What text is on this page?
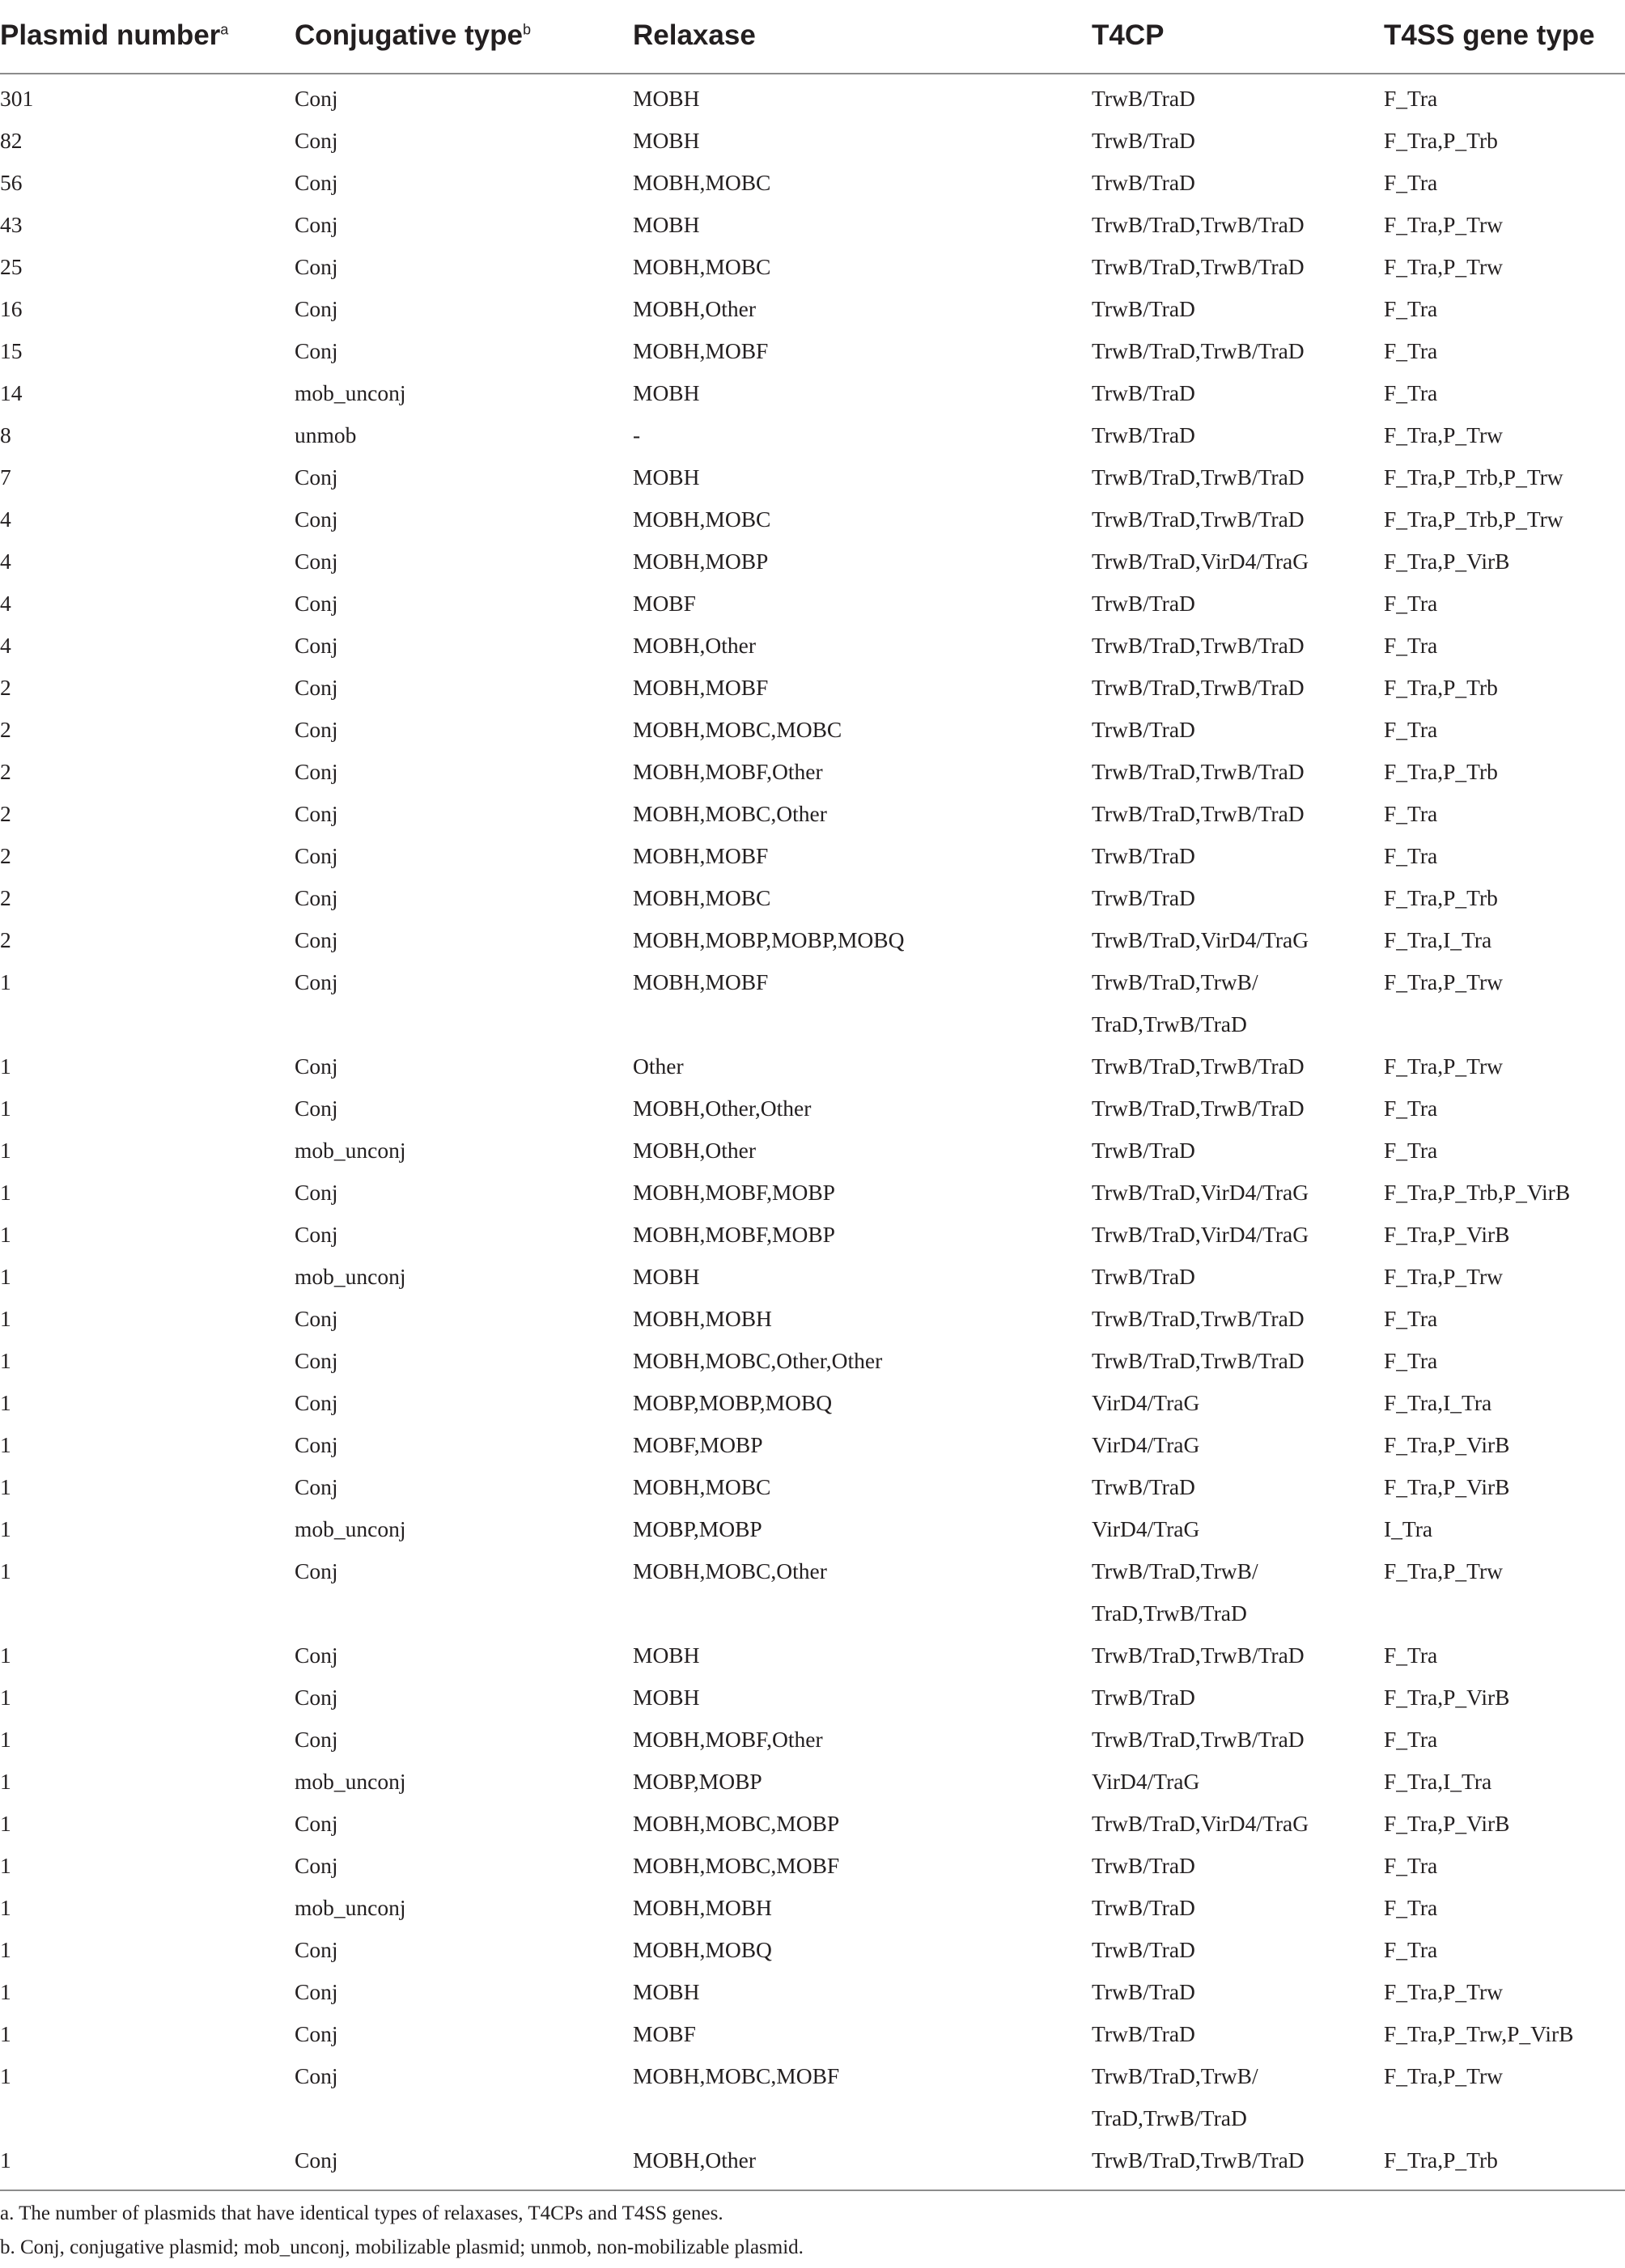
Plasmid number$^a$	Conjugative type$^b$	Relaxase	T4CP	T4SS gene type
301	Conj	MOBH	TrwB/TraD	F_Tra
82	Conj	MOBH	TrwB/TraD	F_Tra,P_Trb
56	Conj	MOBH,MOBC	TrwB/TraD	F_Tra
43	Conj	MOBH	TrwB/TraD,TrwB/TraD	F_Tra,P_Trw
25	Conj	MOBH,MOBC	TrwB/TraD,TrwB/TraD	F_Tra,P_Trw
16	Conj	MOBH,Other	TrwB/TraD	F_Tra
15	Conj	MOBH,MOBF	TrwB/TraD,TrwB/TraD	F_Tra
14	mob_unconj	MOBH	TrwB/TraD	F_Tra
8	unmob	-	TrwB/TraD	F_Tra,P_Trw
7	Conj	MOBH	TrwB/TraD,TrwB/TraD	F_Tra,P_Trb,P_Trw
4	Conj	MOBH,MOBC	TrwB/TraD,TrwB/TraD	F_Tra,P_Trb,P_Trw
4	Conj	MOBH,MOBP	TrwB/TraD,VirD4/TraG	F_Tra,P_VirB
4	Conj	MOBF	TrwB/TraD	F_Tra
4	Conj	MOBH,Other	TrwB/TraD,TrwB/TraD	F_Tra
2	Conj	MOBH,MOBF	TrwB/TraD,TrwB/TraD	F_Tra,P_Trb
2	Conj	MOBH,MOBC,MOBC	TrwB/TraD	F_Tra
2	Conj	MOBH,MOBF,Other	TrwB/TraD,TrwB/TraD	F_Tra,P_Trb
2	Conj	MOBH,MOBC,Other	TrwB/TraD,TrwB/TraD	F_Tra
2	Conj	MOBH,MOBF	TrwB/TraD	F_Tra
2	Conj	MOBH,MOBC	TrwB/TraD	F_Tra,P_Trb
2	Conj	MOBH,MOBP,MOBP,MOBQ	TrwB/TraD,VirD4/TraG	F_Tra,I_Tra
1	Conj	MOBH,MOBF	TrwB/TraD,TrwB/ TraD,TrwB/TraD	F_Tra,P_Trw
1	Conj	Other	TrwB/TraD,TrwB/TraD	F_Tra,P_Trw
1	Conj	MOBH,Other,Other	TrwB/TraD,TrwB/TraD	F_Tra
1	mob_unconj	MOBH,Other	TrwB/TraD	F_Tra
1	Conj	MOBH,MOBF,MOBP	TrwB/TraD,VirD4/TraG	F_Tra,P_Trb,P_VirB
1	Conj	MOBH,MOBF,MOBP	TrwB/TraD,VirD4/TraG	F_Tra,P_VirB
1	mob_unconj	MOBH	TrwB/TraD	F_Tra,P_Trw
1	Conj	MOBH,MOBH	TrwB/TraD,TrwB/TraD	F_Tra
1	Conj	MOBH,MOBC,Other,Other	TrwB/TraD,TrwB/TraD	F_Tra
1	Conj	MOBP,MOBP,MOBQ	VirD4/TraG	F_Tra,I_Tra
1	Conj	MOBF,MOBP	VirD4/TraG	F_Tra,P_VirB
1	Conj	MOBH,MOBC	TrwB/TraD	F_Tra,P_VirB
1	mob_unconj	MOBP,MOBP	VirD4/TraG	I_Tra
1	Conj	MOBH,MOBC,Other	TrwB/TraD,TrwB/ TraD,TrwB/TraD	F_Tra,P_Trw
1	Conj	MOBH	TrwB/TraD,TrwB/TraD	F_Tra
1	Conj	MOBH	TrwB/TraD	F_Tra,P_VirB
1	Conj	MOBH,MOBF,Other	TrwB/TraD,TrwB/TraD	F_Tra
1	mob_unconj	MOBP,MOBP	VirD4/TraG	F_Tra,I_Tra
1	Conj	MOBH,MOBC,MOBP	TrwB/TraD,VirD4/TraG	F_Tra,P_VirB
1	Conj	MOBH,MOBC,MOBF	TrwB/TraD	F_Tra
1	mob_unconj	MOBH,MOBH	TrwB/TraD	F_Tra
1	Conj	MOBH,MOBQ	TrwB/TraD	F_Tra
1	Conj	MOBH	TrwB/TraD	F_Tra,P_Trw
1	Conj	MOBF	TrwB/TraD	F_Tra,P_Trw,P_VirB
1	Conj	MOBH,MOBC,MOBF	TrwB/TraD,TrwB/ TraD,TrwB/TraD	F_Tra,P_Trw
1	Conj	MOBH,Other	TrwB/TraD,TrwB/TraD	F_Tra,P_Trb
a. The number of plasmids that have identical types of relaxases, T4CPs and T4SS genes.
b. Conj, conjugative plasmid; mob_unconj, mobilizable plasmid; unmob, non-mobilizable plasmid.
